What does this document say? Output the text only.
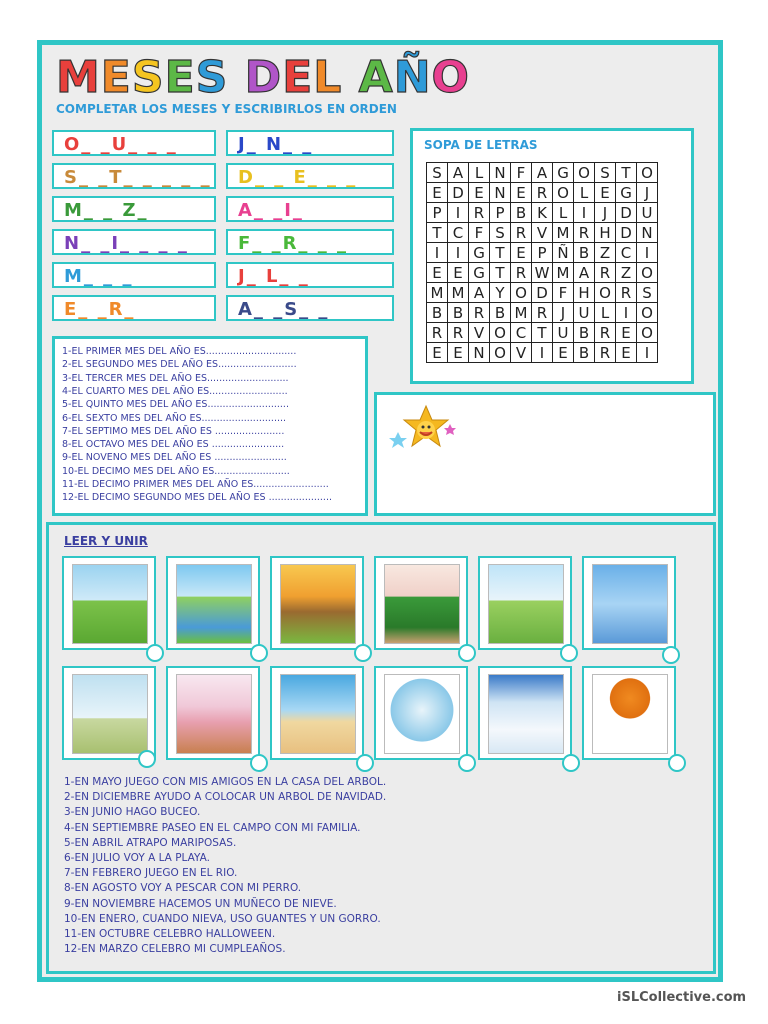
MESES DEL AÑO
COMPLETAR LOS MESES Y ESCRIBIRLOS EN ORDEN
O_ _U_ _ _	J_ N_ _
S_ _T_ _ _ _ _ D_ _ E_ _ _
M_ _ Z_	A_ _I_
N_ _I_ _ _ _	F_ _R_ _ _
M_ _ _	J_ L_ _
E_ _R_	A_ _S_ _
SOPA DE LETRAS
S	A	L	N	F	A	G	O	S	T	O
E	D	E	N	E	R	O	L	E	G	J
P	I	R	P	B	K	L	I	J	D	U
T	C	F	S	R	V	M	R	H	D	N
I	I	G	T	E	P	Ñ	B	Z	C	I
E	E	G	T	R	W	M	A	R	Z	O
M	M	A	Y	O	D	F	H	O	R	S
B	B	R	B	M	R	J	U	L	I	O
R	R	V	O	C	T	U	B	R	E	O
E	E	N	O	V	I	E	B	R	E	I
1-EL PRIMER MES DEL AÑO ES..............................
2-EL SEGUNDO MES DEL AÑO ES..........................
3-EL TERCER MES DEL AÑO ES...........................
4-EL CUARTO MES DEL AÑO ES..........................
5-EL QUINTO MES DEL AÑO ES...........................
6-EL SEXTO MES DEL AÑO ES............................
7-EL SEPTIMO MES DEL AÑO ES .......................
8-EL OCTAVO MES DEL AÑO ES ........................
9-EL NOVENO MES DEL AÑO ES ........................
10-EL DECIMO MES DEL AÑO ES.........................
11-EL DECIMO PRIMER MES DEL AÑO ES.........................
12-EL DECIMO SEGUNDO MES DEL AÑO ES .....................
LEER Y UNIR
1-EN MAYO JUEGO CON MIS AMIGOS EN LA CASA DEL ARBOL.
2-EN DICIEMBRE AYUDO A COLOCAR UN ARBOL DE NAVIDAD.
3-EN JUNIO HAGO BUCEO.
4-EN SEPTIEMBRE PASEO EN EL CAMPO CON MI FAMILIA.
5-EN ABRIL ATRAPO MARIPOSAS.
6-EN JULIO VOY A LA PLAYA.
7-EN FEBRERO JUEGO EN EL RIO.
8-EN AGOSTO VOY A PESCAR CON MI PERRO.
9-EN NOVIEMBRE HACEMOS UN MUÑECO DE NIEVE.
10-EN ENERO, CUANDO NIEVA, USO GUANTES Y UN GORRO.
11-EN OCTUBRE CELEBRO HALLOWEEN.
12-EN MARZO CELEBRO MI CUMPLEAÑOS.
iSLCollective.com
